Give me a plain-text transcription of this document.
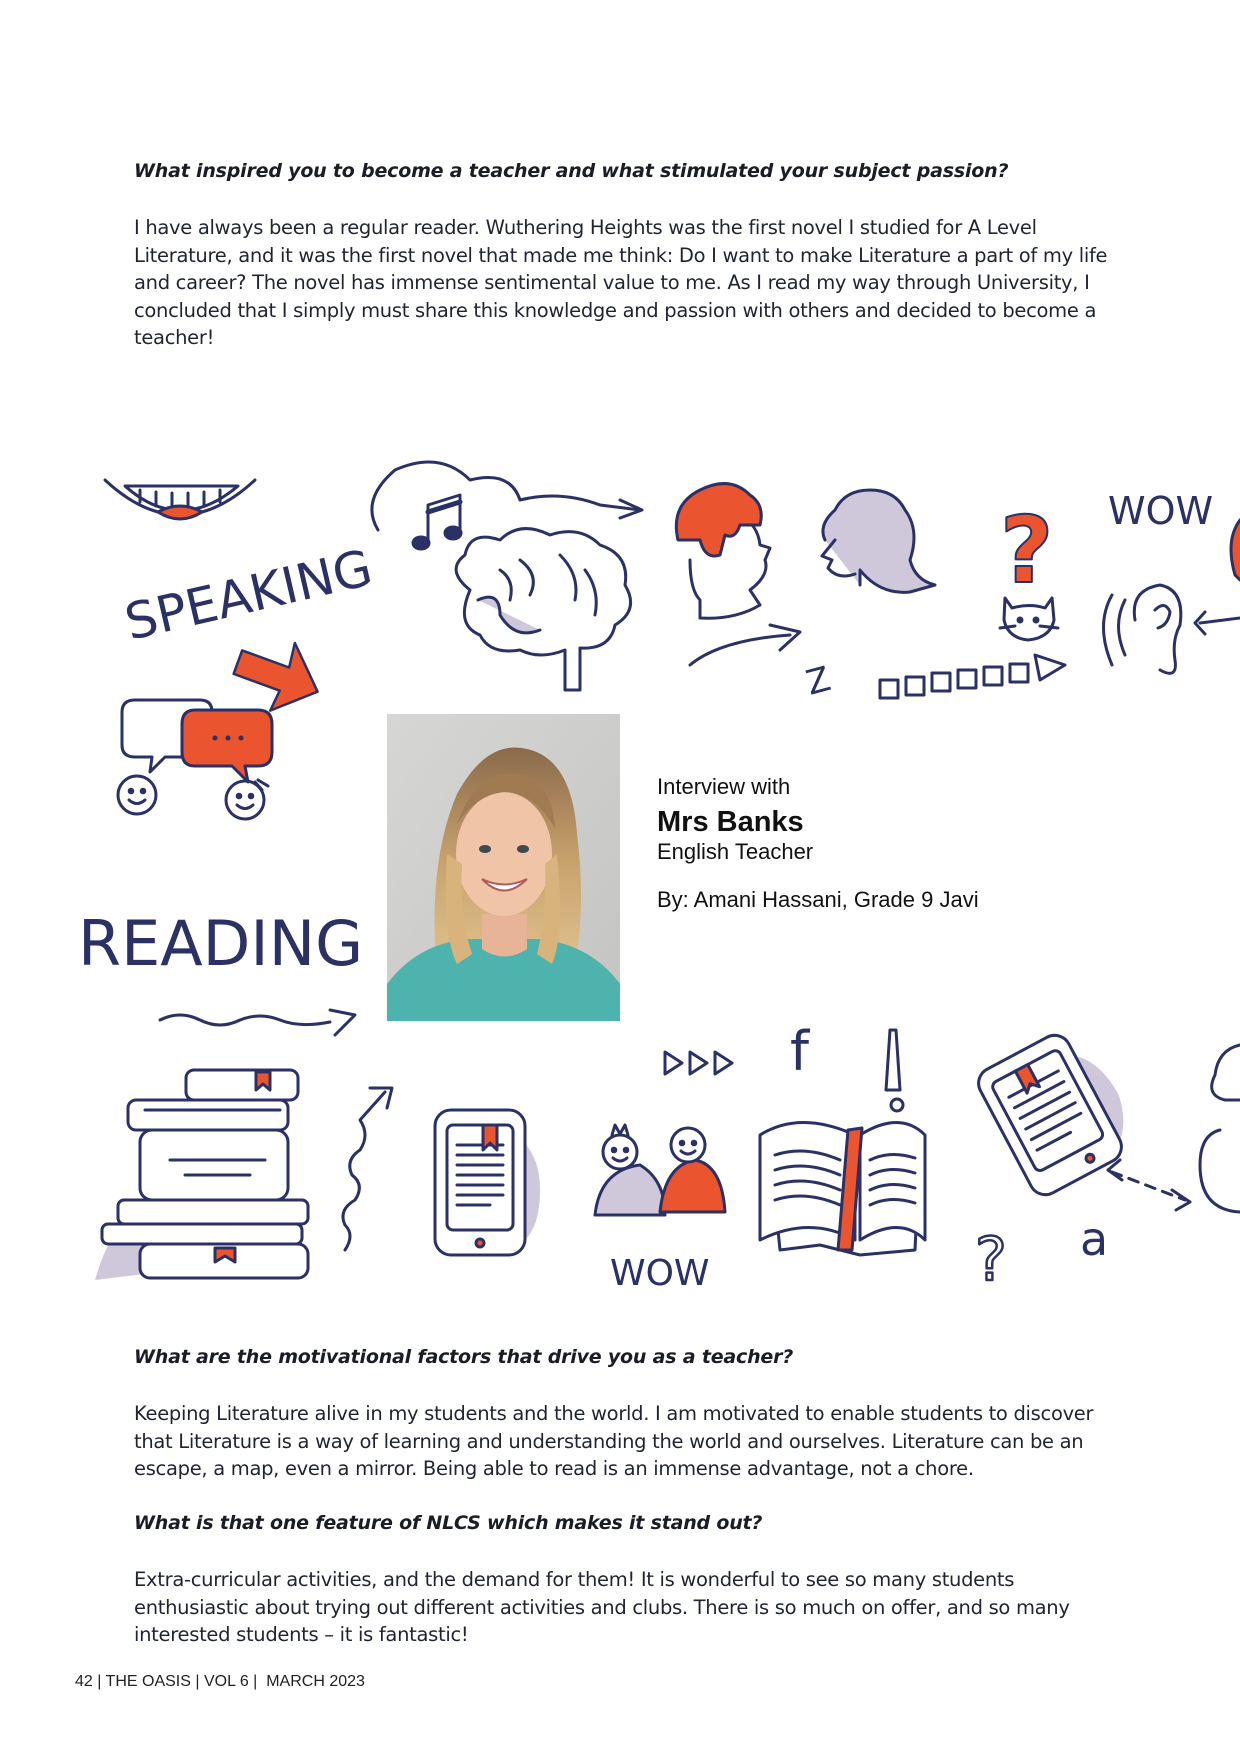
What inspired you to become a teacher and what stimulated your subject passion?

I have always been a regular reader. Wuthering Heights was the first novel I studied for A Level
Literature, and it was the first novel that made me think: Do I want to make Literature a part of my life
and career? The novel has immense sentimental value to me. As I read my way through University, I
concluded that I simply must share this knowledge and passion with others and decided to become a
teacher!

SPEAKING
Z
? WOW
READING
f
WOW	? a
Interview with
Mrs Banks
English Teacher
By: Amani Hassani, Grade 9 Javi

What are the motivational factors that drive you as a teacher?

Keeping Literature alive in my students and the world. I am motivated to enable students to discover
that Literature is a way of learning and understanding the world and ourselves. Literature can be an
escape, a map, even a mirror. Being able to read is an immense advantage, not a chore.

What is that one feature of NLCS which makes it stand out?

Extra-curricular activities, and the demand for them! It is wonderful to see so many students
enthusiastic about trying out different activities and clubs. There is so much on offer, and so many
interested students – it is fantastic!

42 | THE OASIS | VOL 6 |  MARCH 2023
